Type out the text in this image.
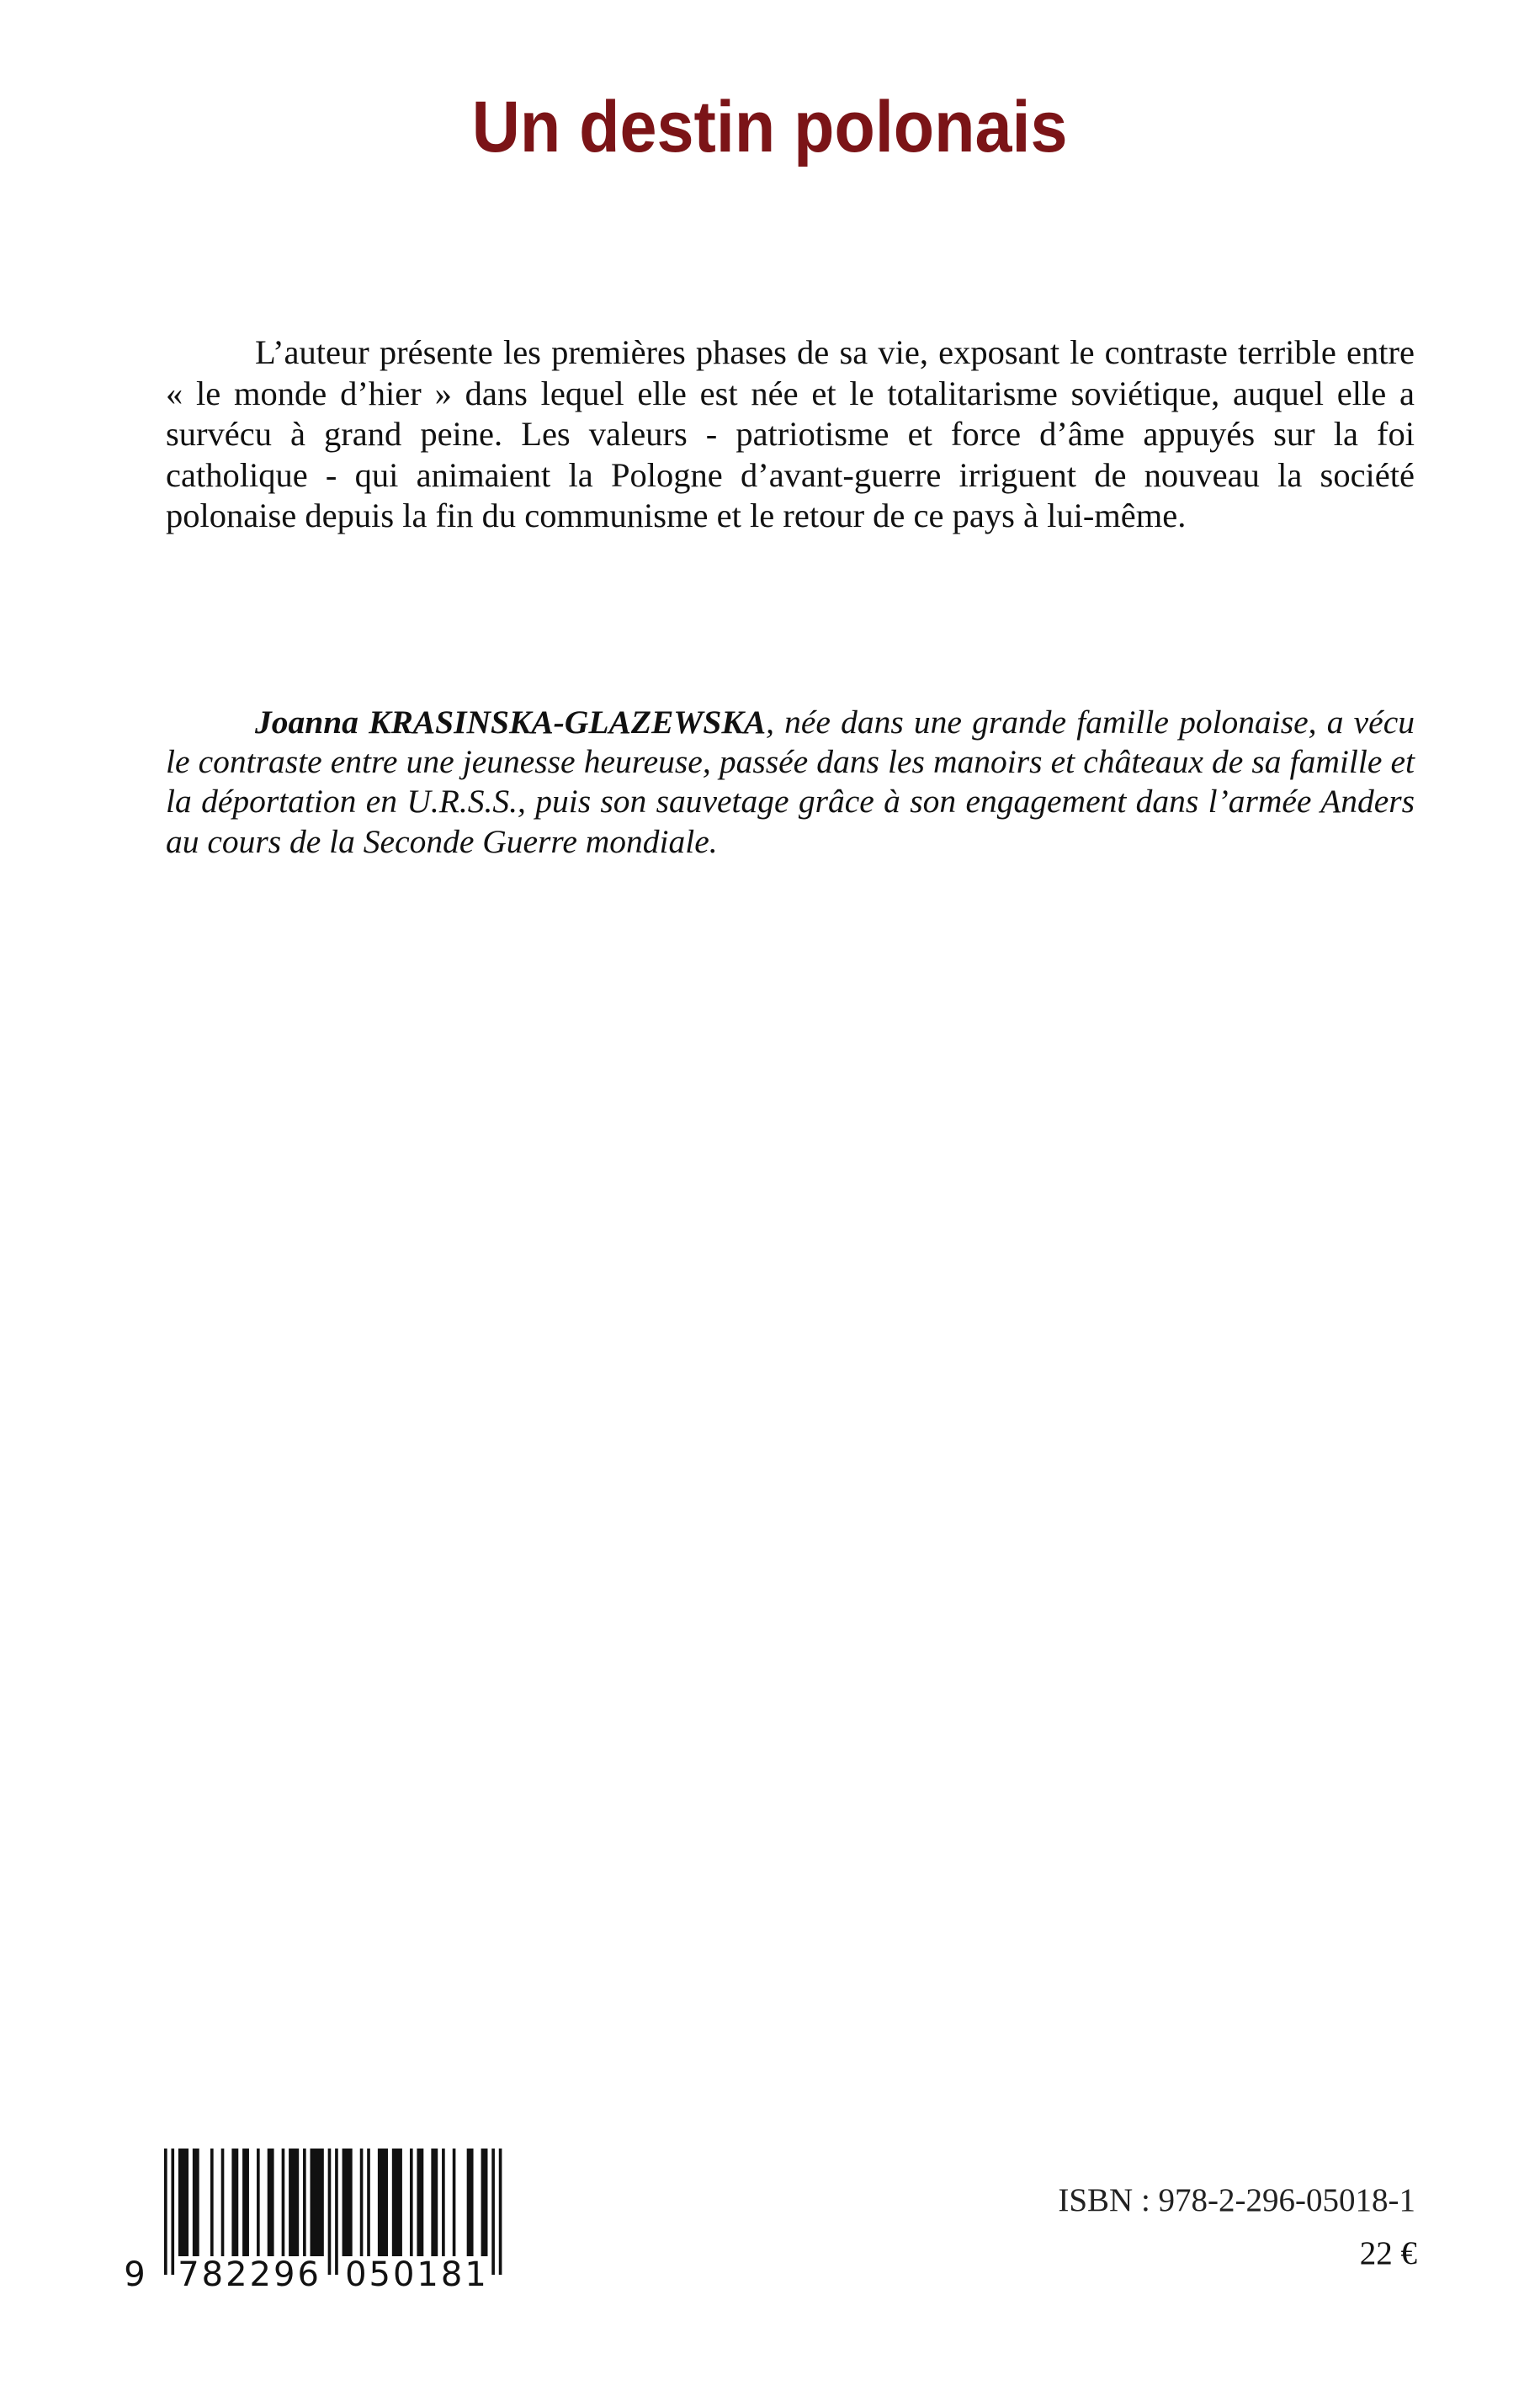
Un destin polonais

L’auteur présente les premières phases de sa vie, exposant le contraste terrible entre « le monde d’hier » dans lequel elle est née et le totalitarisme soviétique, auquel elle a survécu à grand peine. Les valeurs - patriotisme et force d’âme appuyés sur la foi catholique - qui animaient la Pologne d’avant-guerre irriguent de nouveau la société polonaise depuis la fin du communisme et le retour de ce pays à lui-même.

Joanna KRASINSKA-GLAZEWSKA, née dans une grande famille polonaise, a vécu le contraste entre une jeunesse heureuse, passée dans les manoirs et châteaux de sa famille et la déportation en U.R.S.S., puis son sauvetage grâce à son engagement dans l’armée Anders au cours de la Seconde Guerre mondiale.

9 782296 050181
ISBN : 978-2-296-05018-1
22 €
